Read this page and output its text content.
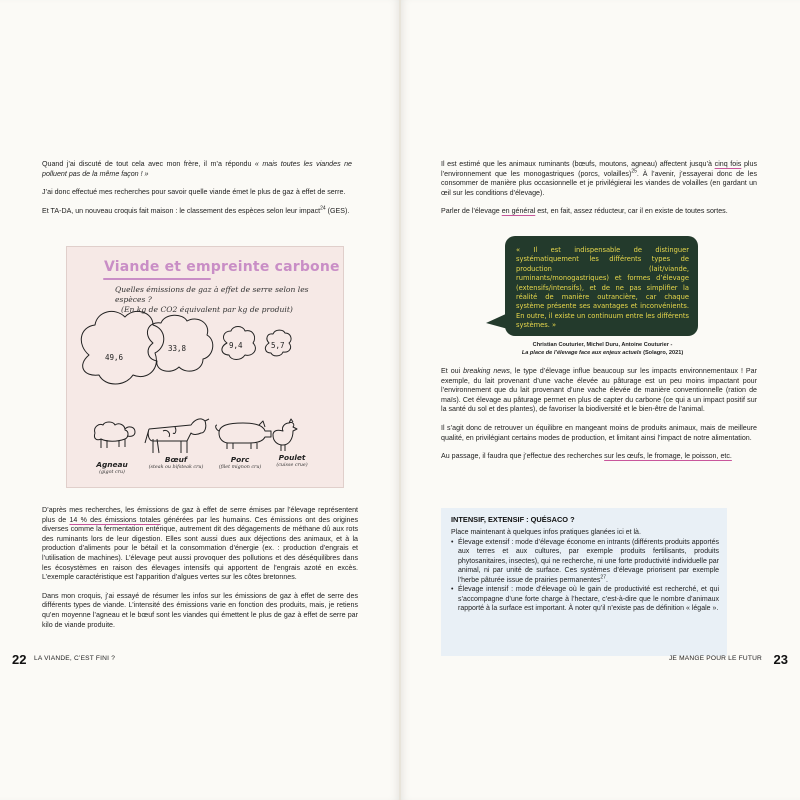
Quand j’ai discuté de tout cela avec mon frère, il m’a répondu « mais toutes les viandes ne polluent pas de la même façon ! »

J’ai donc effectué mes recherches pour savoir quelle viande émet le plus de gaz à effet de serre.

Et TA-DA, un nouveau croquis fait maison : le classement des espèces selon leur impact$^{24}$ (GES).

Viande et empreinte carbone
Quelles émissions de gaz à effet de serre selon les espèces ?
(En kg de CO2 équivalent par kg de produit)
49,6
33,8	9,4	5,7
Agneau
(gigot cru)
Bœuf
(steak ou bifsteak cru)
Porc
(filet mignon cru)
Poulet
(cuisse crue)

D’après mes recherches, les émissions de gaz à effet de serre émises par l’élevage représentent plus de 14 % des émissions totales générées par les humains. Ces émissions ont des origines diverses comme la fermentation entérique, autrement dit des dégagements de méthane dû aux rots des ruminants lors de leur digestion. Elles sont aussi dues aux déjections des animaux, et à la production d’aliments pour le bétail et la consommation d’énergie (ex. : production d’engrais et l’utilisation de machines). L’élevage peut aussi provoquer des pollutions et des déséquilibres dans les écosystèmes en raison des élevages intensifs qui apportent de l’engrais azoté en excès. L’exemple caractéristique est l’apparition d’algues vertes sur les côtes bretonnes.

Dans mon croquis, j’ai essayé de résumer les infos sur les émissions de gaz à effet de serre des différents types de viande. L’intensité des émissions varie en fonction des produits, mais, je retiens qu’en moyenne l’agneau et le bœuf sont les viandes qui émettent le plus de gaz à effet de serre par kilo de viande produite.

22 LA VIANDE, C’EST FINI ?

Il est estimé que les animaux ruminants (bœufs, moutons, agneau) affectent jusqu’à cinq fois plus l’environnement que les monogastriques (porcs, volailles)$^{25}$. À l’avenir, j’essayerai donc de les consommer de manière plus occasionnelle et je privilégierai les viandes de volailles (en gardant un œil sur les conditions d’élevage).

Parler de l’élevage en général est, en fait, assez réducteur, car il en existe de toutes sortes.

« Il est indispensable de distinguer systématiquement les différents types de production (lait/viande, ruminants/monogastriques) et formes d’élevage (extensifs/intensifs), et de ne pas simplifier la réalité de manière outrancière, car chaque système présente ses avantages et inconvénients. En outre, il existe un continuum entre les différents systèmes. »
Christian Couturier, Michel Duru, Antoine Couturier -
La place de l’élevage face aux enjeux actuels (Solagro, 2021)

Et oui breaking news, le type d’élevage influe beaucoup sur les impacts environnementaux ! Par exemple, du lait provenant d’une vache élevée au pâturage est un peu moins impactant pour l’environnement que du lait provenant d’une vache élevée de manière conventionnelle (ration de maïs). Cet élevage au pâturage permet en plus de capter du carbone (ce qui a un impact positif sur la santé du sol et des plantes), de favoriser la biodiversité et le bien-être de l’animal.

Il s’agit donc de retrouver un équilibre en mangeant moins de produits animaux, mais de meilleure qualité, en privilégiant certains modes de production, et limitant ainsi l’impact de notre alimentation.

Au passage, il faudra que j’effectue des recherches sur les œufs, le fromage, le poisson, etc.

INTENSIF, EXTENSIF : QUÉSACO ?
Place maintenant à quelques infos pratiques glanées ici et là.
• Élevage extensif : mode d’élevage économe en intrants (différents produits apportés aux terres et aux cultures, par exemple produits fertilisants, produits phytosanitaires, insectes), qui ne recherche, ni une forte productivité individuelle par animal, ni par unité de surface. Ces systèmes d’élevage priorisent par exemple l’herbe pâturée issue de prairies permanentes$^{27}$.
• Élevage intensif : mode d’élevage où le gain de productivité est recherché, et qui s’accompagne d’une forte charge à l’hectare, c’est-à-dire que le nombre d’animaux rapporté à la surface est important. À noter qu’il n’existe pas de définition « légale ».
JE MANGE POUR LE FUTUR 23
